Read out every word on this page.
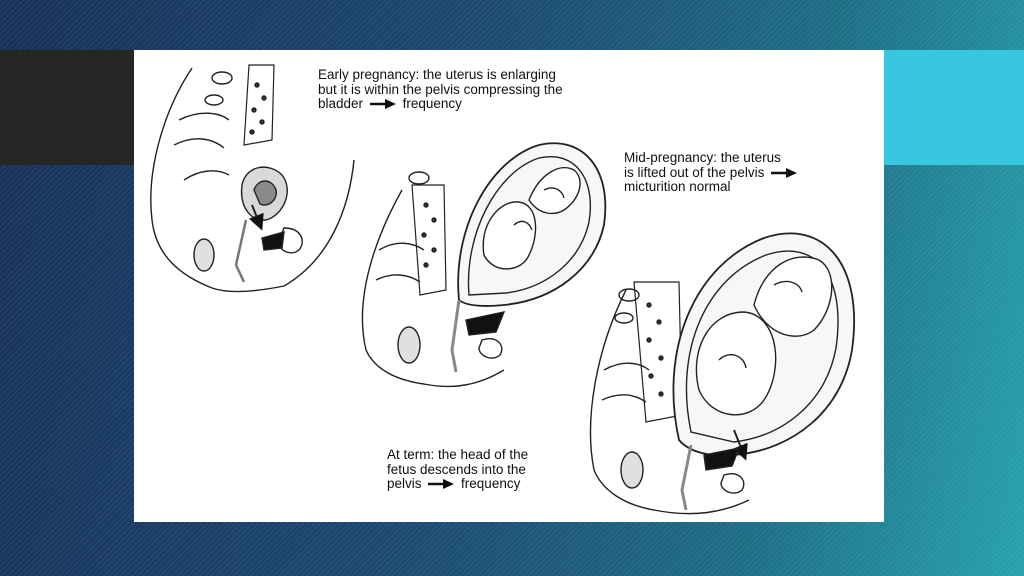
Early pregnancy: the uterus is enlarging
but it is within the pelvis compressing the
bladder	frequency
Mid-pregnancy: the uterus
is lifted out of the pelvis
micturition normal
At term: the head of the
fetus descends into the
pelvis	frequency
